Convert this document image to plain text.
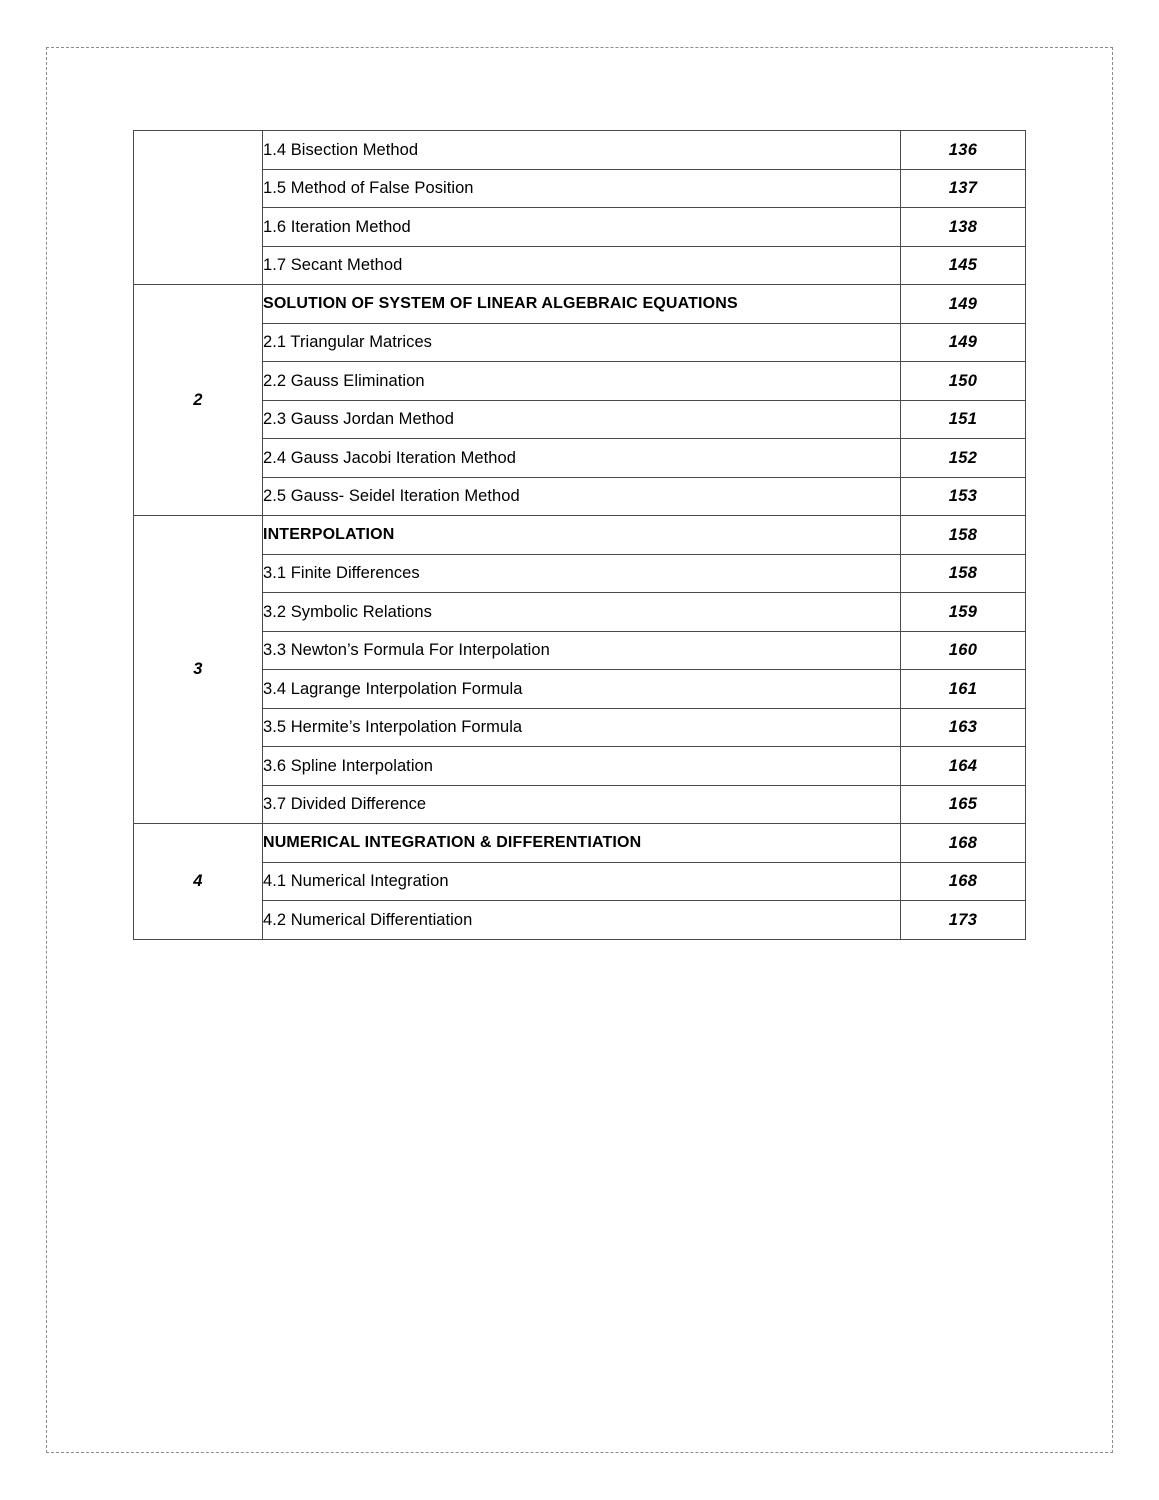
	1.4 Bisection Method	136
	1.5 Method of False Position	137
	1.6 Iteration Method	138
	1.7 Secant Method	145
2	SOLUTION OF SYSTEM OF LINEAR ALGEBRAIC EQUATIONS	149
	2.1 Triangular Matrices	149
	2.2 Gauss Elimination	150
	2.3 Gauss Jordan Method	151
	2.4 Gauss Jacobi Iteration Method	152
	2.5 Gauss- Seidel Iteration Method	153
3	INTERPOLATION	158
	3.1 Finite Differences	158
	3.2 Symbolic Relations	159
	3.3 Newton’s Formula For Interpolation	160
	3.4 Lagrange Interpolation Formula	161
	3.5 Hermite’s Interpolation Formula	163
	3.6 Spline Interpolation	164
	3.7 Divided Difference	165
4	NUMERICAL INTEGRATION & DIFFERENTIATION	168
	4.1 Numerical Integration	168
	4.2 Numerical Differentiation	173
